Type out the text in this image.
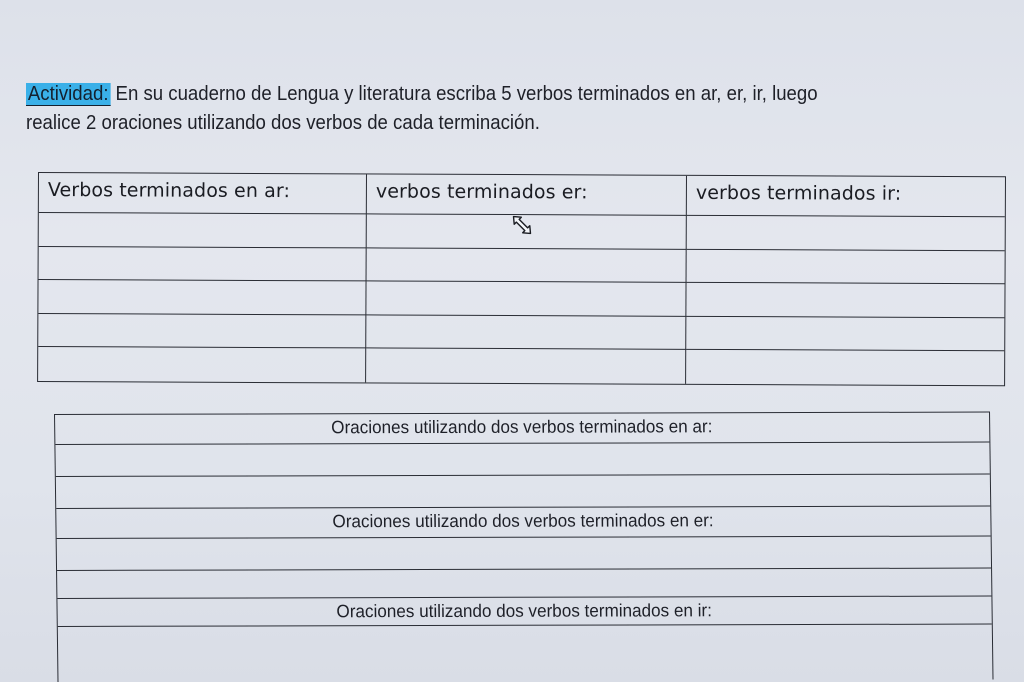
Actividad: En su cuaderno de Lengua y literatura escriba 5 verbos terminados en ar, er, ir, luego
realice 2 oraciones utilizando dos verbos de cada terminación.
Verbos terminados en ar:	verbos terminados er:	verbos terminados ir:
Oraciones utilizando dos verbos terminados en ar:
Oraciones utilizando dos verbos terminados en er:
Oraciones utilizando dos verbos terminados en ir:
